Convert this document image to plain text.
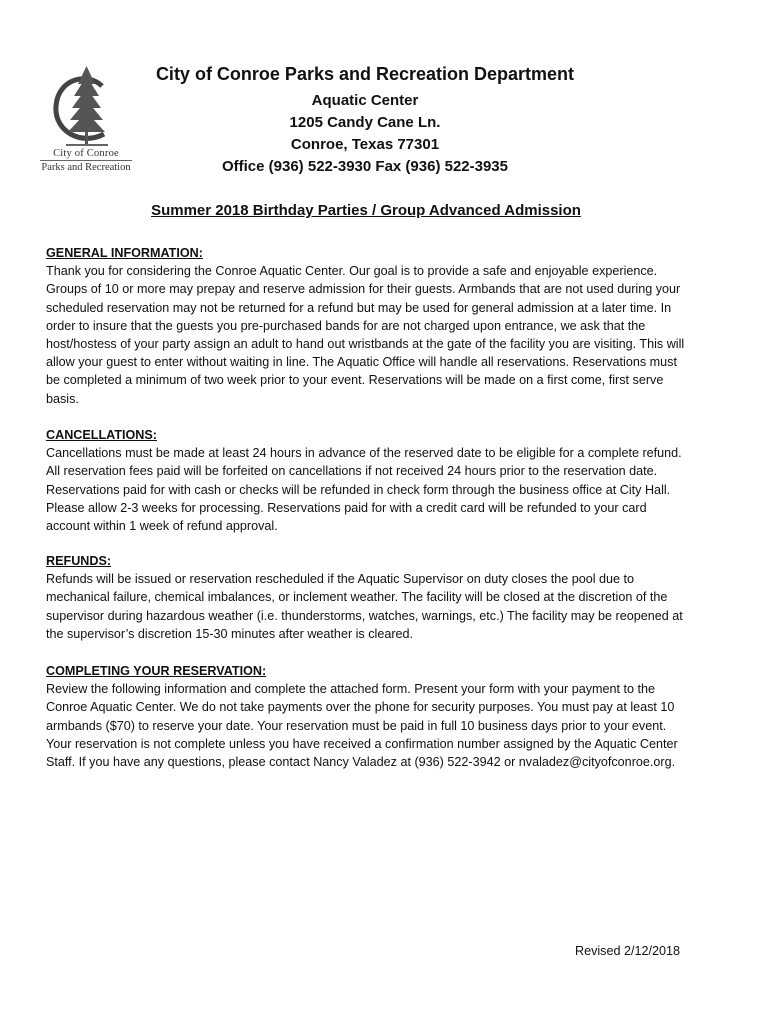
City of Conroe
Parks and Recreation
City of Conroe Parks and Recreation Department
Aquatic Center
1205 Candy Cane Ln.
Conroe, Texas 77301
Office (936) 522-3930 Fax (936) 522-3935
Summer 2018 Birthday Parties / Group Advanced Admission
GENERAL INFORMATION:
Thank you for considering the Conroe Aquatic Center. Our goal is to provide a safe and enjoyable experience. Groups of 10 or more may prepay and reserve admission for their guests. Armbands that are not used during your scheduled reservation may not be returned for a refund but may be used for general admission at a later time. In order to insure that the guests you pre-purchased bands for are not charged upon entrance, we ask that the host/hostess of your party assign an adult to hand out wristbands at the gate of the facility you are visiting. This will allow your guest to enter without waiting in line. The Aquatic Office will handle all reservations. Reservations must be completed a minimum of two week prior to your event. Reservations will be made on a first come, first serve basis.
CANCELLATIONS:
Cancellations must be made at least 24 hours in advance of the reserved date to be eligible for a complete refund. All reservation fees paid will be forfeited on cancellations if not received 24 hours prior to the reservation date. Reservations paid for with cash or checks will be refunded in check form through the business office at City Hall. Please allow 2-3 weeks for processing. Reservations paid for with a credit card will be refunded to your card account within 1 week of refund approval.
REFUNDS:
Refunds will be issued or reservation rescheduled if the Aquatic Supervisor on duty closes the pool due to mechanical failure, chemical imbalances, or inclement weather. The facility will be closed at the discretion of the supervisor during hazardous weather (i.e. thunderstorms, watches, warnings, etc.) The facility may be reopened at the supervisor’s discretion 15-30 minutes after weather is cleared.
COMPLETING YOUR RESERVATION:
Review the following information and complete the attached form. Present your form with your payment to the Conroe Aquatic Center. We do not take payments over the phone for security purposes. You must pay at least 10 armbands ($70) to reserve your date. Your reservation must be paid in full 10 business days prior to your event. Your reservation is not complete unless you have received a confirmation number assigned by the Aquatic Center Staff. If you have any questions, please contact Nancy Valadez at (936) 522-3942 or nvaladez@cityofconroe.org.
Revised 2/12/2018
